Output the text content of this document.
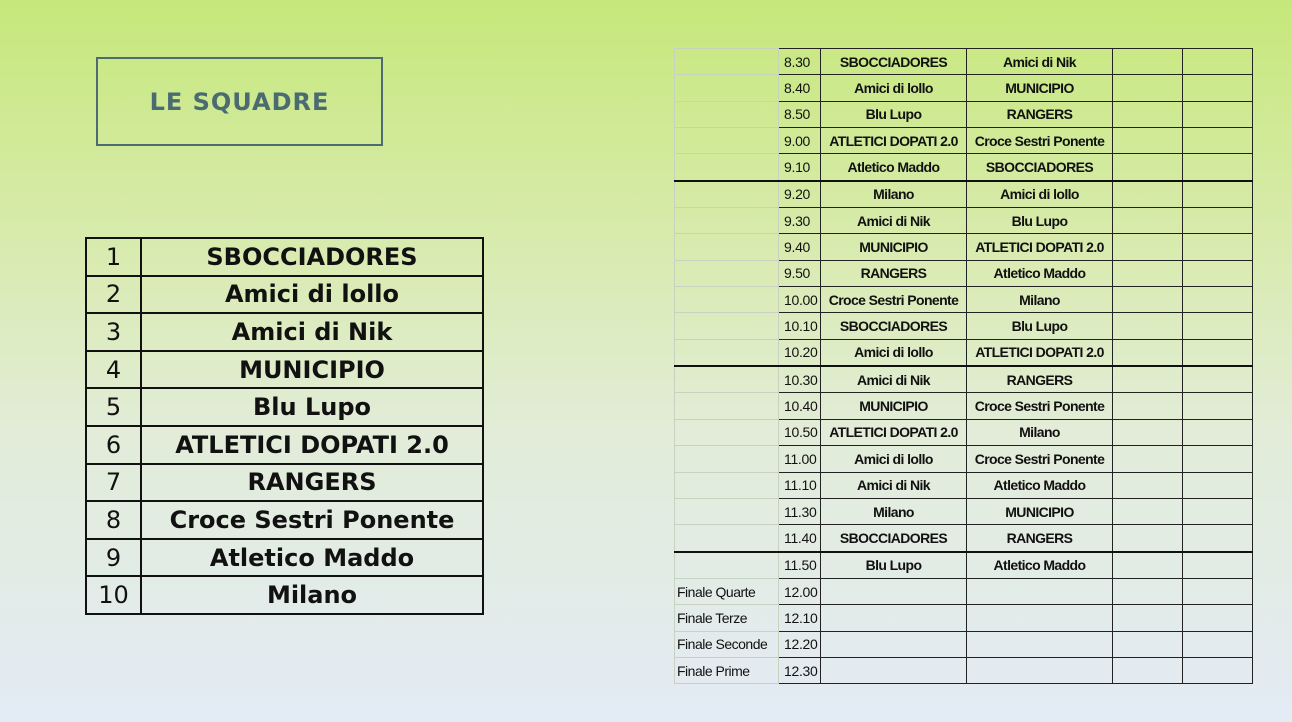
LE SQUADRE
1	SBOCCIADORES
2	Amici di lollo
3	Amici di Nik
4	MUNICIPIO
5	Blu Lupo
6	ATLETICI DOPATI 2.0
7	RANGERS
8	Croce Sestri Ponente
9	Atletico Maddo
10	Milano
	8.30	SBOCCIADORES	Amici di Nik		
	8.40	Amici di lollo	MUNICIPIO		
	8.50	Blu Lupo	RANGERS		
	9.00	ATLETICI DOPATI 2.0	Croce Sestri Ponente		
	9.10	Atletico Maddo	SBOCCIADORES		
	9.20	Milano	Amici di lollo		
	9.30	Amici di Nik	Blu Lupo		
	9.40	MUNICIPIO	ATLETICI DOPATI 2.0		
	9.50	RANGERS	Atletico Maddo		
	10.00	Croce Sestri Ponente	Milano		
	10.10	SBOCCIADORES	Blu Lupo		
	10.20	Amici di lollo	ATLETICI DOPATI 2.0		
	10.30	Amici di Nik	RANGERS		
	10.40	MUNICIPIO	Croce Sestri Ponente		
	10.50	ATLETICI DOPATI 2.0	Milano		
	11.00	Amici di lollo	Croce Sestri Ponente		
	11.10	Amici di Nik	Atletico Maddo		
	11.30	Milano	MUNICIPIO		
	11.40	SBOCCIADORES	RANGERS		
	11.50	Blu Lupo	Atletico Maddo		
Finale Quarte	12.00				
Finale Terze	12.10				
Finale Seconde	12.20				
Finale Prime	12.30				
